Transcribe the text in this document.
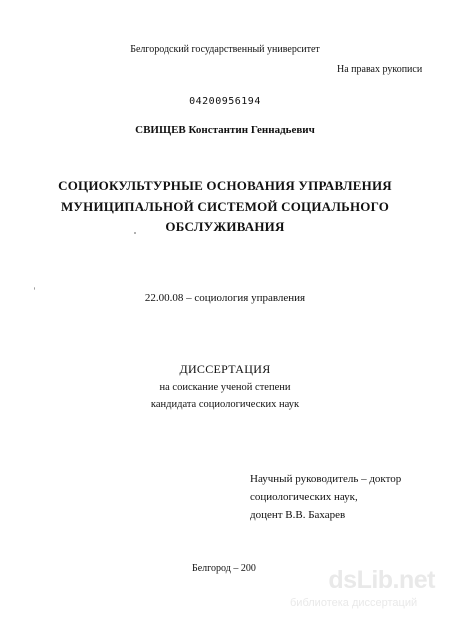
Белгородский государственный университет
На правах рукописи
04200956194
СВИЩЕВ Константин Геннадьевич
СОЦИОКУЛЬТУРНЫЕ ОСНОВАНИЯ УПРАВЛЕНИЯ
МУНИЦИПАЛЬНОЙ СИСТЕМОЙ СОЦИАЛЬНОГО
ОБСЛУЖИВАНИЯ
22.00.08 – социология управления
ДИССЕРТАЦИЯ
на соискание ученой степени
кандидата социологических наук
Научный руководитель – доктор
социологических наук,
доцент В.В. Бахарев
Белгород – 200	dsLib.net
библиотека диссертаций
